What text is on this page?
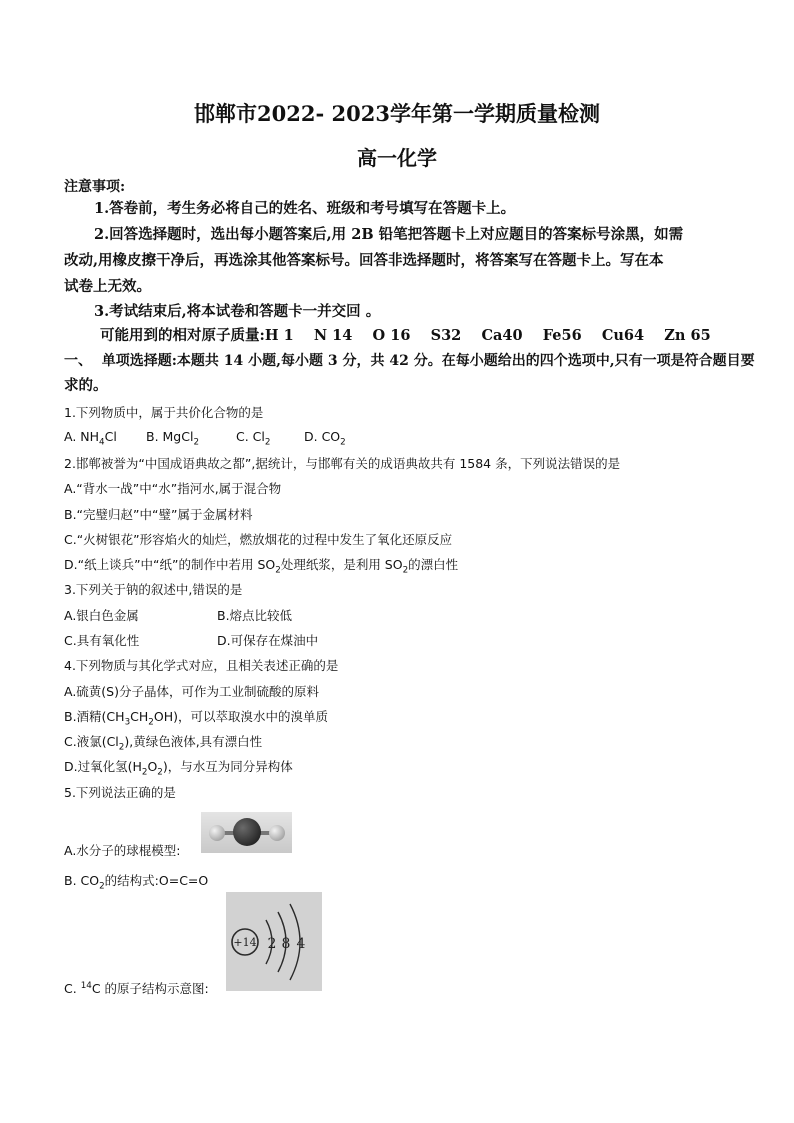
邯郸市2022- 2023学年第一学期质量检测
高一化学
注意事项:
1.答卷前，考生务必将自己的姓名、班级和考号填写在答题卡上。
2.回答选择题时，选出每小题答案后,用 2B 铅笔把答题卡上对应题目的答案标号涂黑，如需
改动,用橡皮擦干净后，再选涂其他答案标号。回答非选择题时，将答案写在答题卡上。写在本
试卷上无效。
3.考试结束后,将本试卷和答题卡一并交回 。
可能用到的相对原子质量:H 1    N 14    O 16    S32    Ca40    Fe56    Cu64    Zn 65
一、  单项选择题:本题共 14 小题,每小题 3 分，共 42 分。在每小题给出的四个选项中,只有一项是符合题目要
求的。
1.下列物质中，属于共价化合物的是
A. $NH_4Cl$ B. MgCl$_2$	C. $Cl_2$	D. $CO_2$
2.邯郸被誉为“中国成语典故之都”,据统计，与邯郸有关的成语典故共有 1584 条，下列说法错误的是
A.“背水一战”中“水”指河水,属于混合物
B.“完璧归赵”中“璧”属于金属材料
C.“火树银花”形容焰火的灿烂，燃放烟花的过程中发生了氧化还原反应
D.“纸上谈兵”中“纸”的制作中若用 $SO_2$处理纸浆，是利用 $SO_2$的漂白性
3.下列关于钠的叙述中,错误的是
A.银白色金属	B.熔点比较低
C.具有氧化性	D.可保存在煤油中
4.下列物质与其化学式对应，且相关表述正确的是
A.硫黄(S)分子晶体，可作为工业制硫酸的原料
B.酒精$(CH_3CH_2OH)$，可以萃取溴水中的溴单质
C.液氯$(Cl_2)$,黄绿色液体,具有漂白性
D.过氧化氢$(H_2O_2)$，与水互为同分异构体
5.下列说法正确的是
A.水分子的球棍模型:
B. $CO_2$的结构式:O=C=O
+14 2 8 4
C. $^{14}$C 的原子结构示意图:
